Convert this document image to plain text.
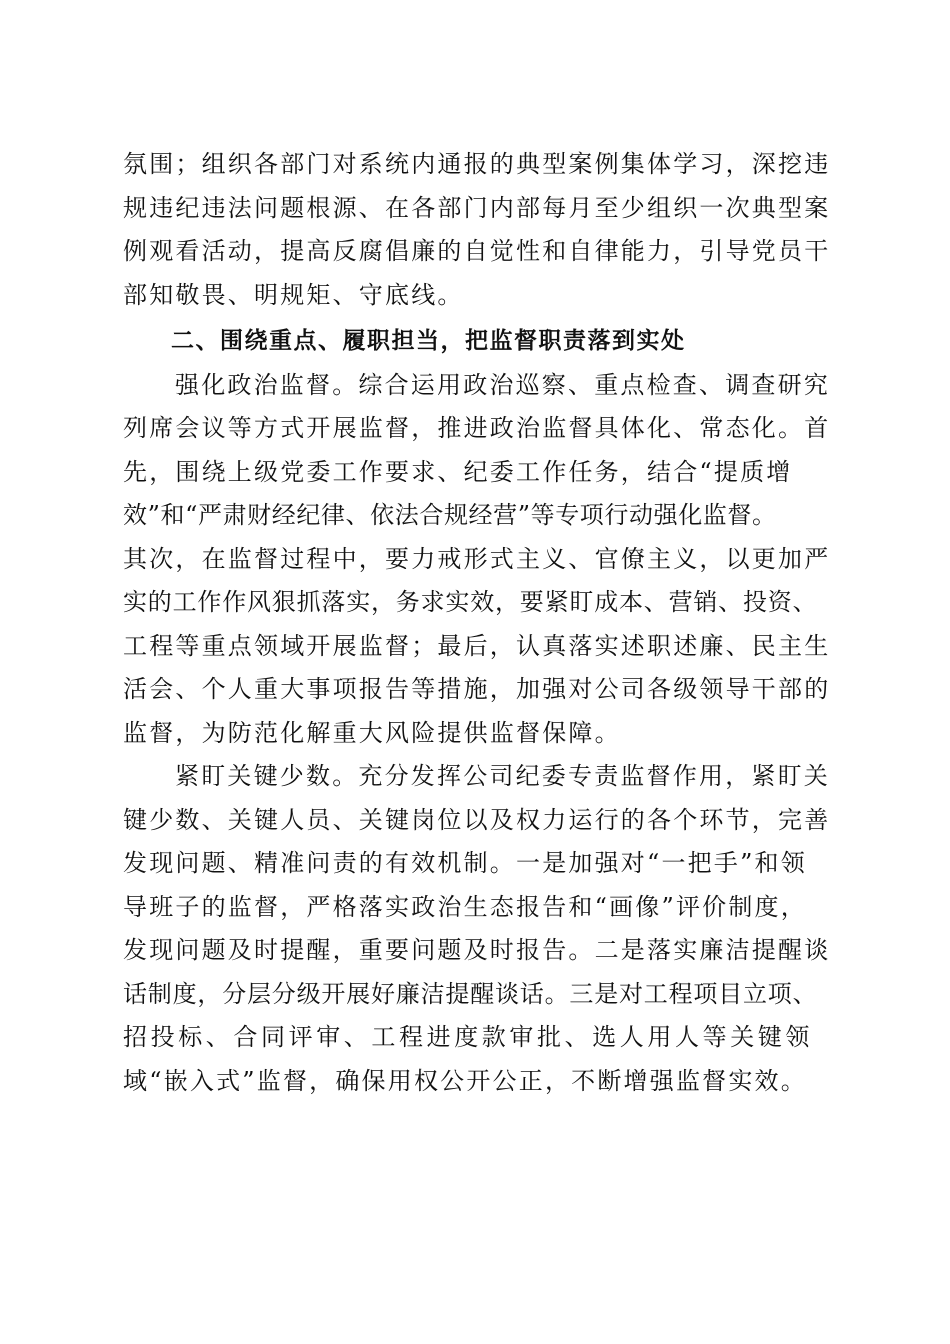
氛围；组织各部门对系统内通报的典型案例集体学习，深挖违
规违纪违法问题根源、在各部门内部每月至少组织一次典型案
例观看活动，提高反腐倡廉的自觉性和自律能力，引导党员干
部知敬畏、明规矩、守底线。
二、围绕重点、履职担当，把监督职责落到实处
强化政治监督。综合运用政治巡察、重点检查、调查研究
列席会议等方式开展监督，推进政治监督具体化、常态化。首
先，围绕上级党委工作要求、纪委工作任务，结合“提质增
效”和“严肃财经纪律、依法合规经营”等专项行动强化监督。
其次，在监督过程中，要力戒形式主义、官僚主义，以更加严
实的工作作风狠抓落实，务求实效，要紧盯成本、营销、投资、
工程等重点领域开展监督；最后，认真落实述职述廉、民主生
活会、个人重大事项报告等措施，加强对公司各级领导干部的
监督，为防范化解重大风险提供监督保障。
紧盯关键少数。充分发挥公司纪委专责监督作用，紧盯关
键少数、关键人员、关键岗位以及权力运行的各个环节，完善
发现问题、精准问责的有效机制。一是加强对“一把手”和领
导班子的监督，严格落实政治生态报告和“画像”评价制度，
发现问题及时提醒，重要问题及时报告。二是落实廉洁提醒谈
话制度，分层分级开展好廉洁提醒谈话。三是对工程项目立项、
招投标、合同评审、工程进度款审批、选人用人等关键领
域“嵌入式”监督，确保用权公开公正，不断增强监督实效。
